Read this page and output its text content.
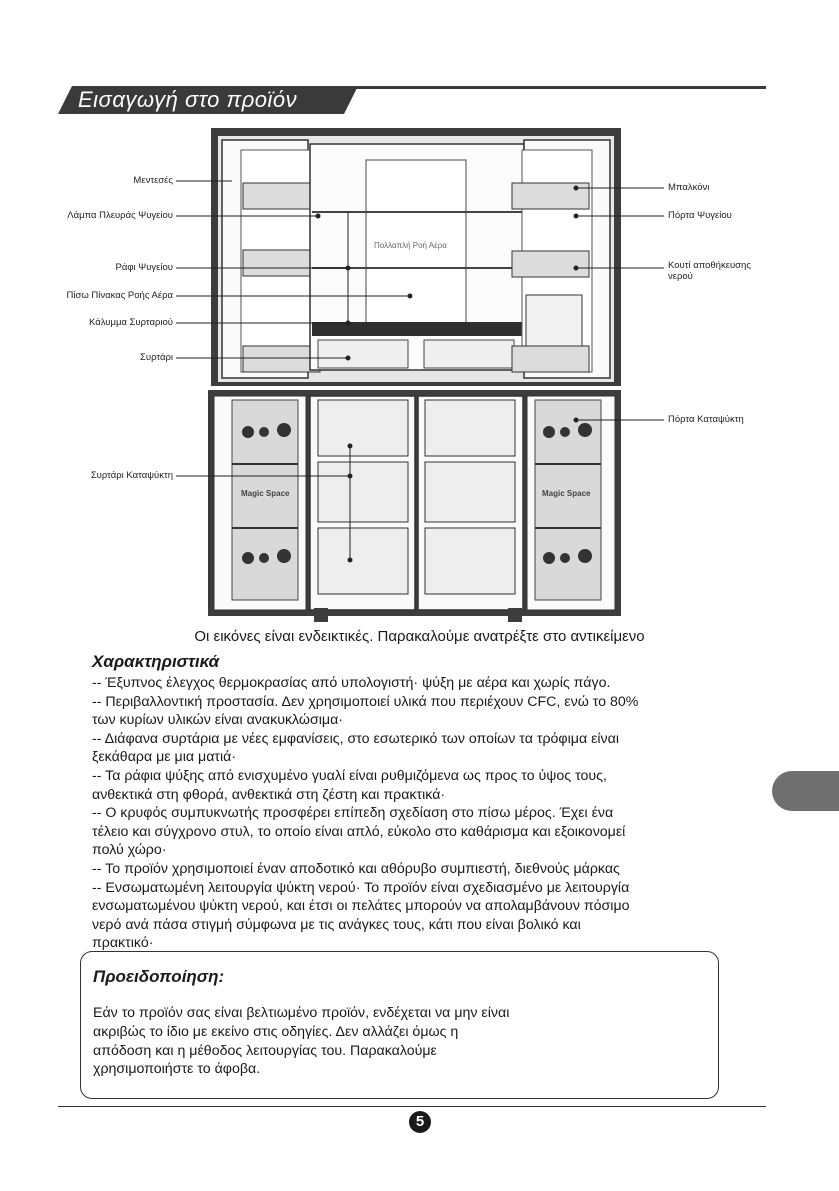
Εισαγωγή στο προϊόν
Μεντεσές
Λάμπα Πλευράς Ψυγείου
Ράφι Ψυγείου
Πίσω Πίνακας Ροής Αέρα
Κάλυμμα Συρταριού
Συρτάρι
Συρτάρι Καταψύκτη
Μπαλκόνι
Πόρτα Ψυγείου
Κουτί αποθήκευσης
νερού
Πόρτα Καταψύκτη
Πολλαπλή Ροή Αέρα
Magic Space	Magic Space
Οι εικόνες είναι ενδεικτικές. Παρακαλούμε ανατρέξτε στο αντικείμενο
Χαρακτηριστικά

-- Έξυπνος έλεγχος θερμοκρασίας από υπολογιστή· ψύξη με αέρα και χωρίς πάγο.

-- Περιβαλλοντική προστασία. Δεν χρησιμοποιεί υλικά που περιέχουν CFC, ενώ το 80%

των κυρίων υλικών είναι ανακυκλώσιμα·

-- Διάφανα συρτάρια με νέες εμφανίσεις, στο εσωτερικό των οποίων τα τρόφιμα είναι

ξεκάθαρα με μια ματιά·

-- Τα ράφια ψύξης από ενισχυμένο γυαλί είναι ρυθμιζόμενα ως προς το ύψος τους,

ανθεκτικά στη φθορά, ανθεκτικά στη ζέστη και πρακτικά·

-- Ο κρυφός συμπυκνωτής προσφέρει επίπεδη σχεδίαση στο πίσω μέρος. Έχει ένα

τέλειο και σύγχρονο στυλ, το οποίο είναι απλό, εύκολο στο καθάρισμα και εξοικονομεί

πολύ χώρο·

-- Το προϊόν χρησιμοποιεί έναν αποδοτικό και αθόρυβο συμπιεστή, διεθνούς μάρκας

-- Ενσωματωμένη λειτουργία ψύκτη νερού· Το προϊόν είναι σχεδιασμένο με λειτουργία

ενσωματωμένου ψύκτη νερού, και έτσι οι πελάτες μπορούν να απολαμβάνουν πόσιμο

νερό ανά πάσα στιγμή σύμφωνα με τις ανάγκες τους, κάτι που είναι βολικό και

πρακτικό·

Προειδοποίηση:

Εάν το προϊόν σας είναι βελτιωμένο προϊόν, ενδέχεται να μην είναι

ακριβώς το ίδιο με εκείνο στις οδηγίες. Δεν αλλάζει όμως η

απόδοση και η μέθοδος λειτουργίας του. Παρακαλούμε

χρησιμοποιήστε το άφοβα.

5
